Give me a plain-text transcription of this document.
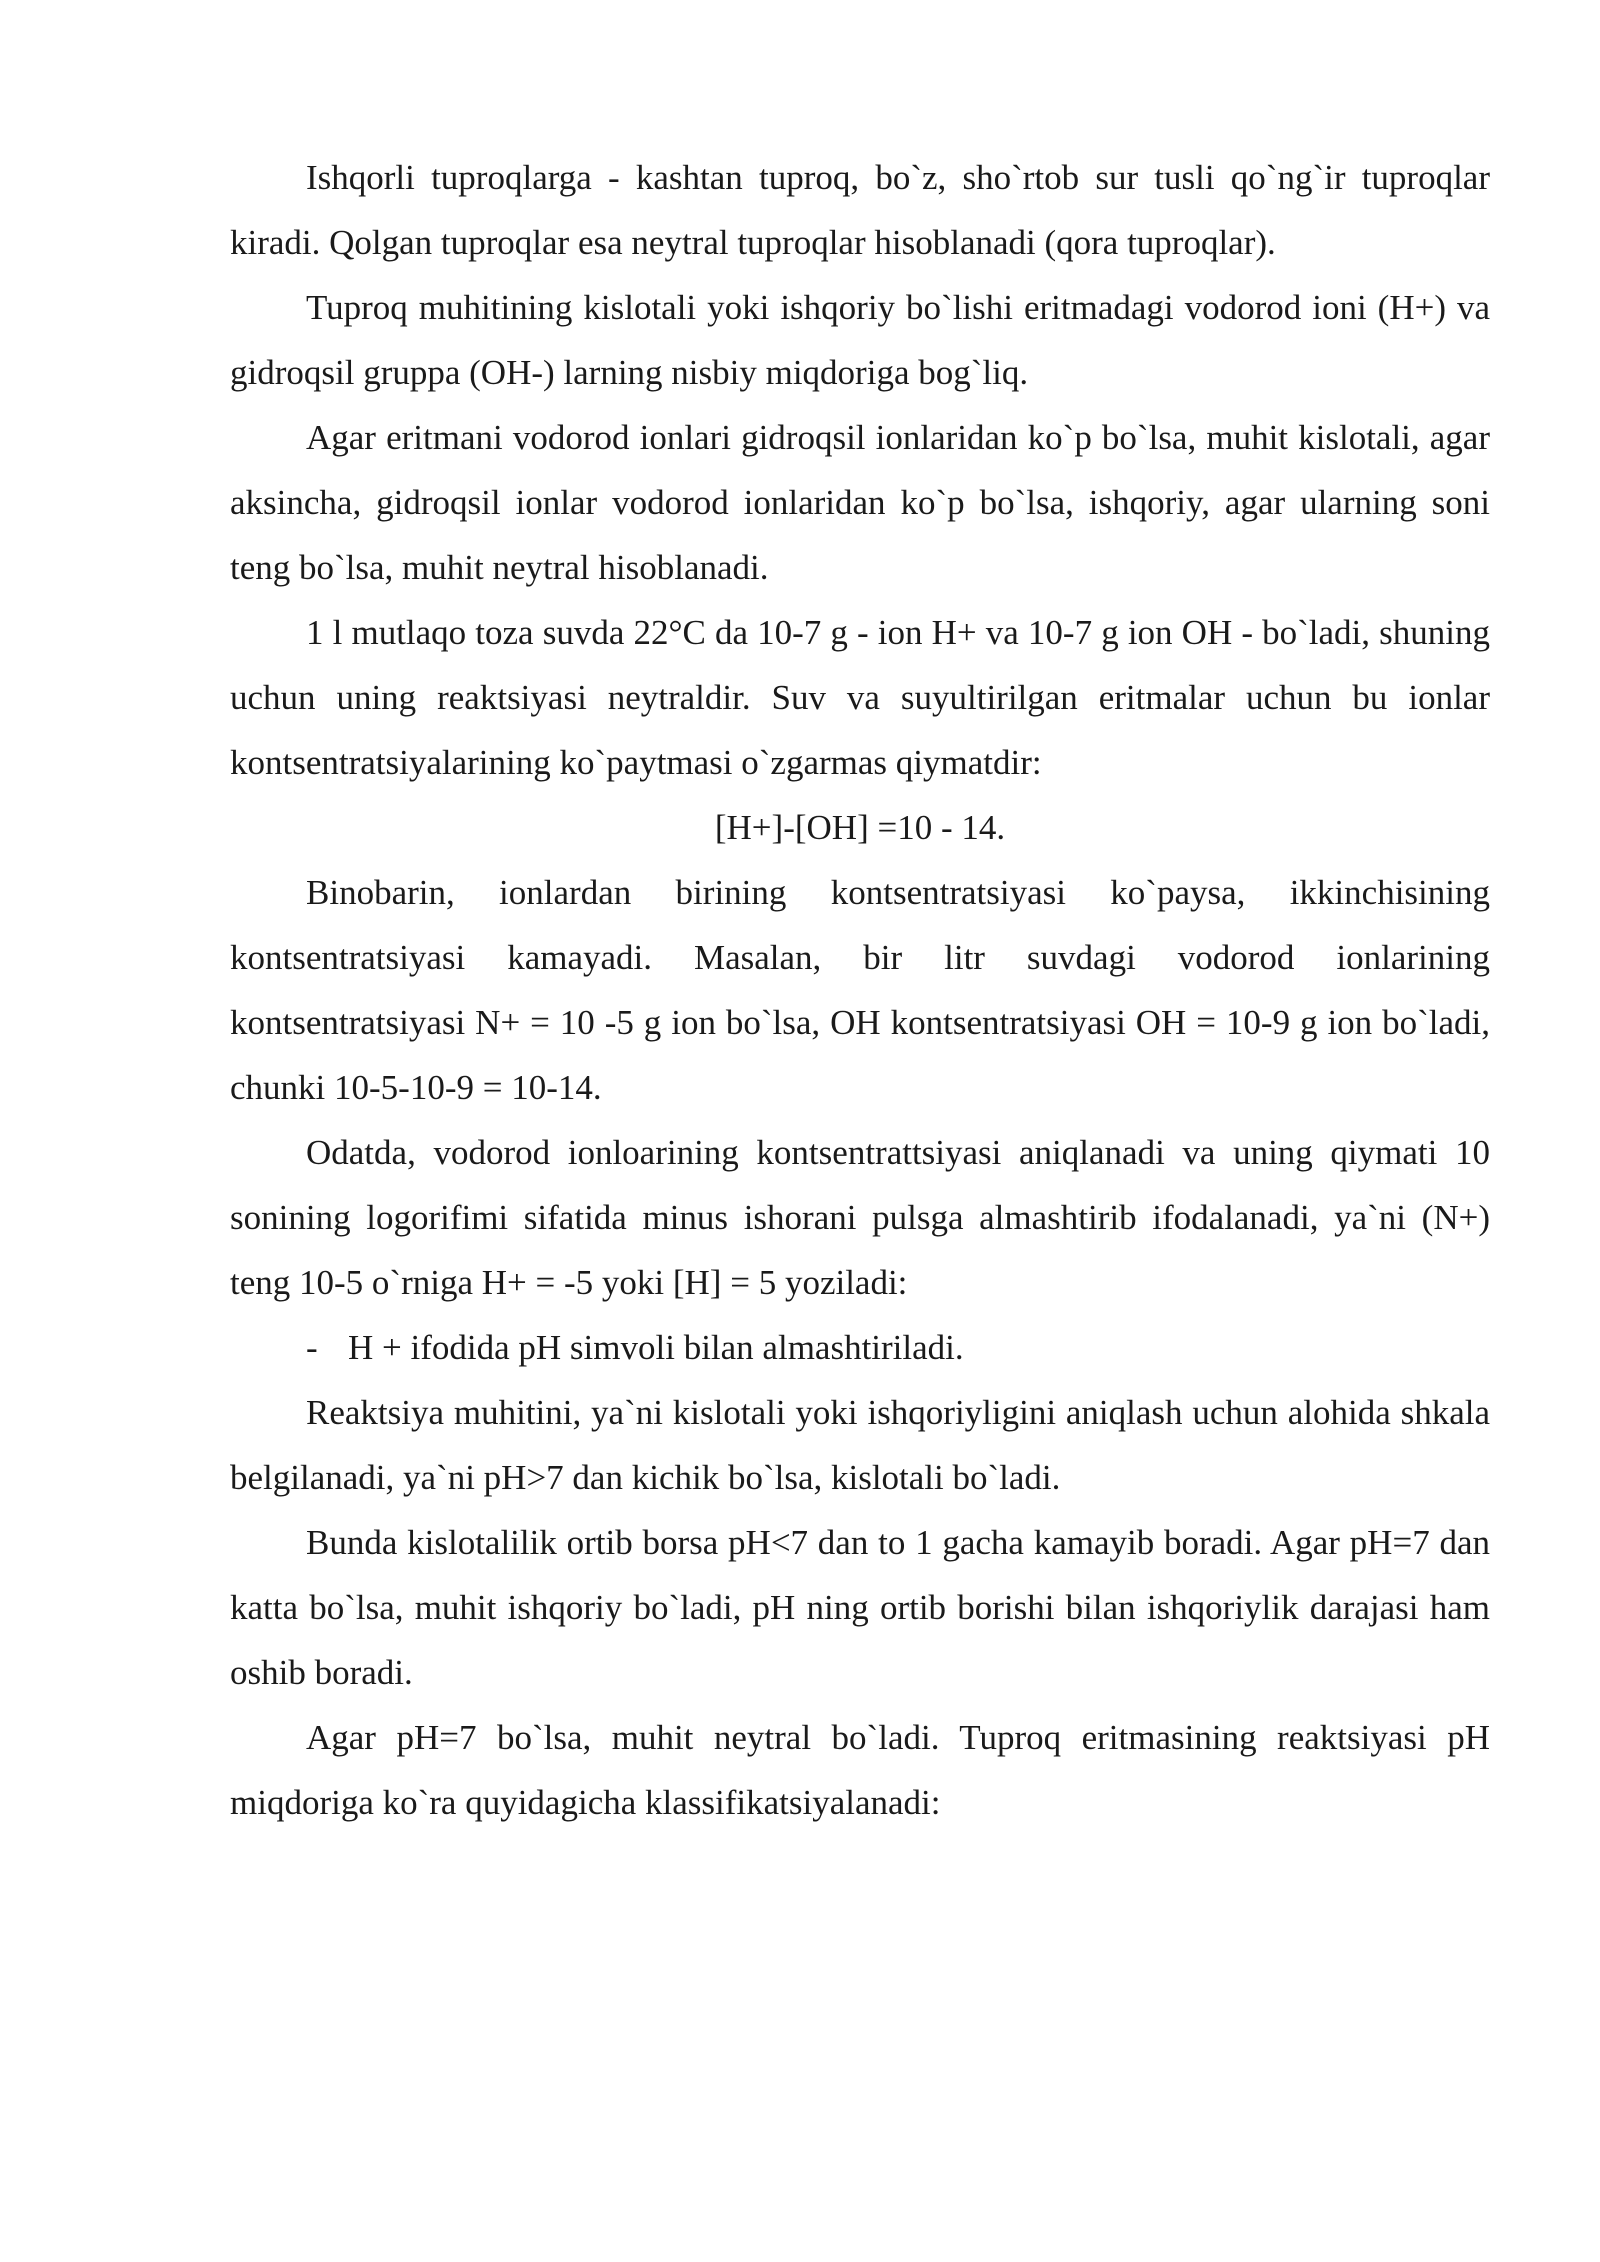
Ishqorli tuproqlarga - kashtan tuproq, bo`z, sho`rtob sur tusli qo`ng`ir tuproqlar kiradi. Qolgan tuproqlar esa neytral tuproqlar hisoblanadi (qora tuproqlar).

Tuproq muhitining kislotali yoki ishqoriy bo`lishi eritmadagi vodorod ioni (H+) va gidroqsil gruppa (OH-) larning nisbiy miqdoriga bog`liq.

Agar eritmani vodorod ionlari gidroqsil ionlaridan ko`p bo`lsa, muhit kislotali, agar aksincha, gidroqsil ionlar vodorod ionlaridan ko`p bo`lsa, ishqoriy, agar ularning soni teng bo`lsa, muhit neytral hisoblanadi.

1 l mutlaqo toza suvda 22°C da 10-7 g - ion H+ va 10-7 g ion OH - bo`ladi, shuning uchun uning reaktsiyasi neytraldir. Suv va suyultirilgan eritmalar uchun bu ionlar kontsentratsiyalarining ko`paytmasi o`zgarmas qiymatdir:

[H+]-[OH] =10 - 14.

Binobarin, ionlardan birining kontsentratsiyasi ko`paysa, ikkinchisining kontsentratsiyasi kamayadi. Masalan, bir litr suvdagi vodorod ionlarining kontsentratsiyasi N+ = 10 -5 g ion bo`lsa, OH kontsentratsiyasi OH = 10-9 g ion bo`ladi, chunki 10-5-10-9 = 10-14.

Odatda, vodorod ionloarining kontsentrattsiyasi aniqlanadi va uning qiymati 10 sonining logorifimi sifatida minus ishorani pulsga almashtirib ifodalanadi, ya`ni (N+) teng 10-5 o`rniga H+ = -5 yoki [H] = 5 yoziladi:

- H + ifodida pH simvoli bilan almashtiriladi.

Reaktsiya muhitini, ya`ni kislotali yoki ishqoriyligini aniqlash uchun alohida shkala belgilanadi, ya`ni pH>7 dan kichik bo`lsa, kislotali bo`ladi.

Bunda kislotalilik ortib borsa pH<7 dan to 1 gacha kamayib boradi. Agar pH=7 dan katta bo`lsa, muhit ishqoriy bo`ladi, pH ning ortib borishi bilan ishqoriylik darajasi ham oshib boradi.

Agar pH=7 bo`lsa, muhit neytral bo`ladi. Tuproq eritmasining reaktsiyasi pH miqdoriga ko`ra quyidagicha klassifikatsiyalanadi:
